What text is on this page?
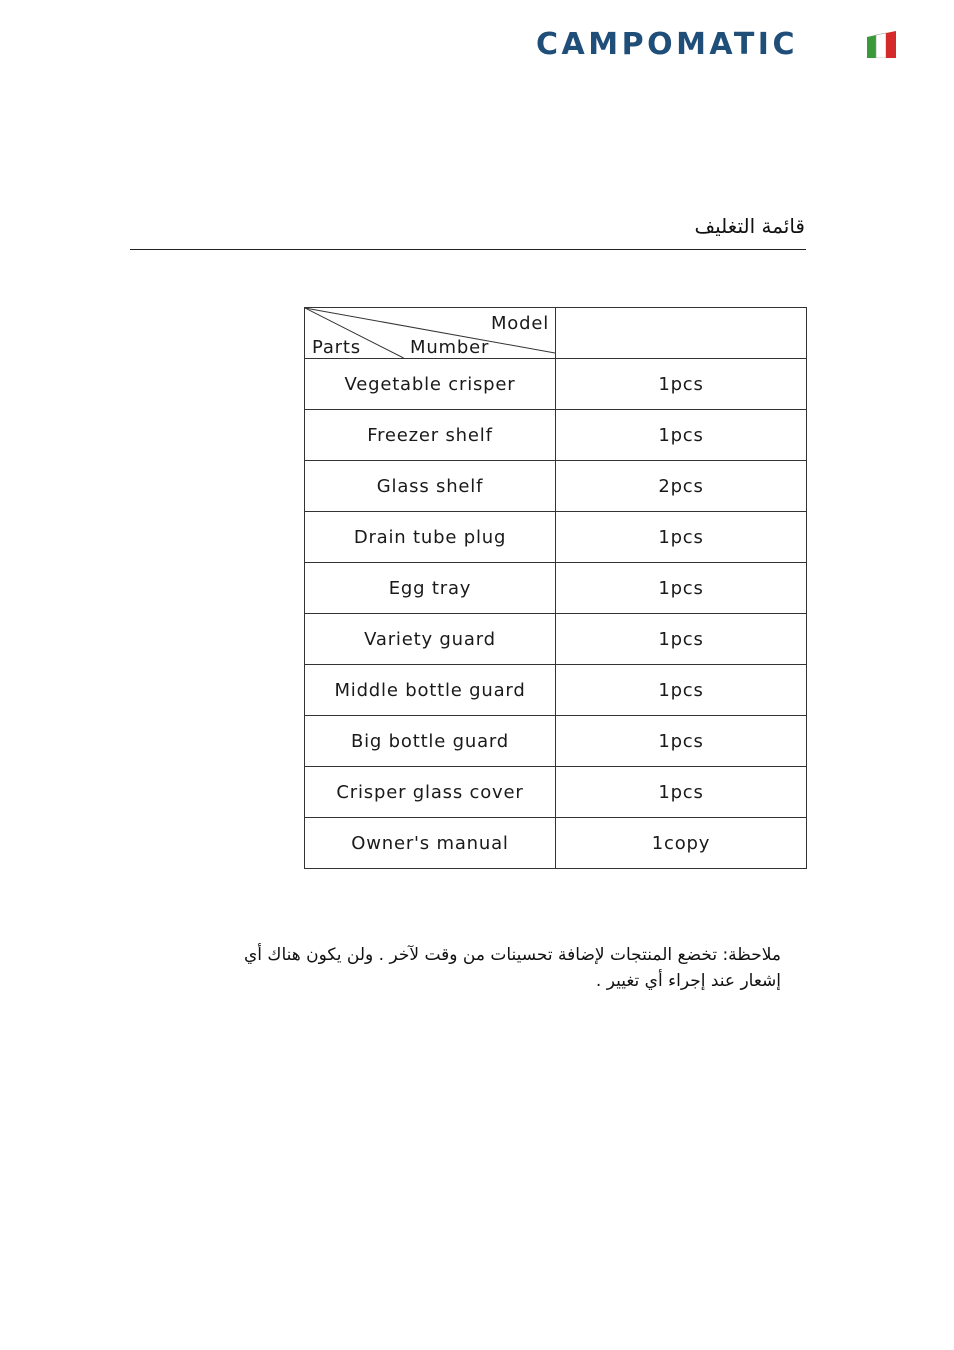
CAMPOMATIC
قائمة التغليف
Model
Parts Mumber	

Vegetable crisper	1pcs
Freezer shelf	1pcs
Glass shelf	2pcs
Drain tube plug	1pcs
Egg tray	1pcs
Variety guard	1pcs
Middle bottle guard	1pcs
Big bottle guard	1pcs
Crisper glass cover	1pcs
Owner's manual	1copy
ملاحظة: تخضع المنتجات لإضافة تحسينات من وقت لآخر . ولن يكون هناك أي إشعار عند إجراء أي تغيير .
